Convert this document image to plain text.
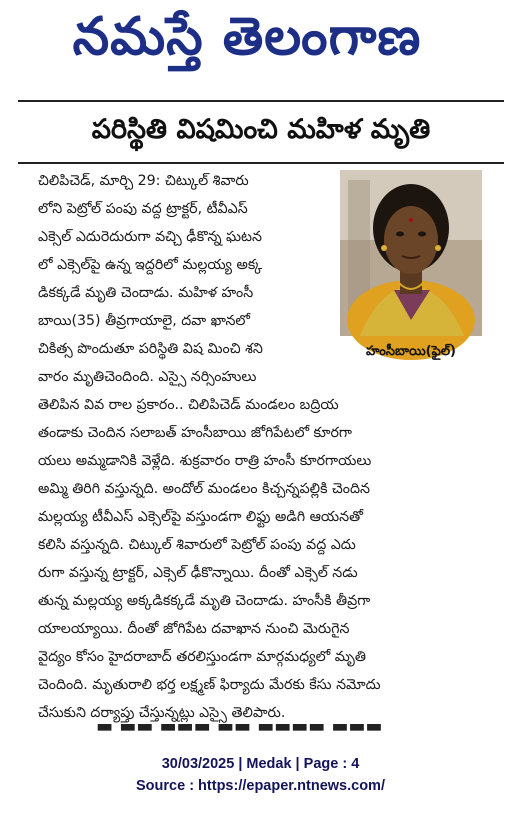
నమస్తే తెలంగాణ
పరిస్థితి విషమించి మహిళ మృతి
హంసీబాయి(ఫైల్)
చిలిపిచెడ్, మార్చి 29: చిట్కుల్ శివారు
లోని పెట్రోల్ పంపు వద్ద ట్రాక్టర్, టీవీఎస్
ఎక్సెల్ ఎదురెదురుగా వచ్చి ఢీకొన్న ఘటన
లో ఎక్సెల్‌పై ఉన్న ఇద్దరిలో మల్లయ్య అక్క
డికక్కడే మృతి చెందాడు. మహిళ హంసీ
బాయి(35) తీవ్రగాయాలై, దవా ఖానలో
చికిత్స పొందుతూ పరిస్థితి విష మించి శని
వారం మృతిచెందింది. ఎస్సై నర్సింహులు
తెలిపిన వివ రాల ప్రకారం.. చిలిపిచెడ్ మండలం బద్రియ
తండాకు చెందిన సలాబత్ హంసీబాయి జోగిపేటలో కూరగా
యలు అమ్మడానికి వెళ్లేది. శుక్రవారం రాత్రి హంసీ కూరగాయలు
అమ్మి తిరిగి వస్తున్నది. అందోల్ మండలం కిచ్చన్నపల్లికి చెందిన
మల్లయ్య టీవీఎస్ ఎక్సెల్‌పై వస్తుండగా లిఫ్టు అడిగి ఆయనతో
కలిసి వస్తున్నది. చిట్కుల్ శివారులో పెట్రోల్ పంపు వద్ద ఎదు
రుగా వస్తున్న ట్రాక్టర్, ఎక్సెల్ ఢీకొన్నాయి. దీంతో ఎక్సెల్ నడు
తున్న మల్లయ్య అక్కడికక్కడే మృతి చెందాడు. హంసీకి తీవ్రగా
యాలయ్యాయి. దీంతో జోగిపేట దవాఖాన నుంచి మెరుగైన
వైద్యం కోసం హైదరాబాద్ తరలిస్తుండగా మార్గమధ్యలో మృతి
చెందింది. మృతురాలి భర్త లక్ష్మణ్ ఫిర్యాదు మేరకు కేసు నమోదు
చేసుకుని దర్యాప్తు చేస్తున్నట్లు ఎస్సై తెలిపారు.
▬ ▬▬ ▬▬▬ ▬▬ ▬▬▬▬ ▬▬▬
30/03/2025 | Medak | Page : 4
Source : https://epaper.ntnews.com/
